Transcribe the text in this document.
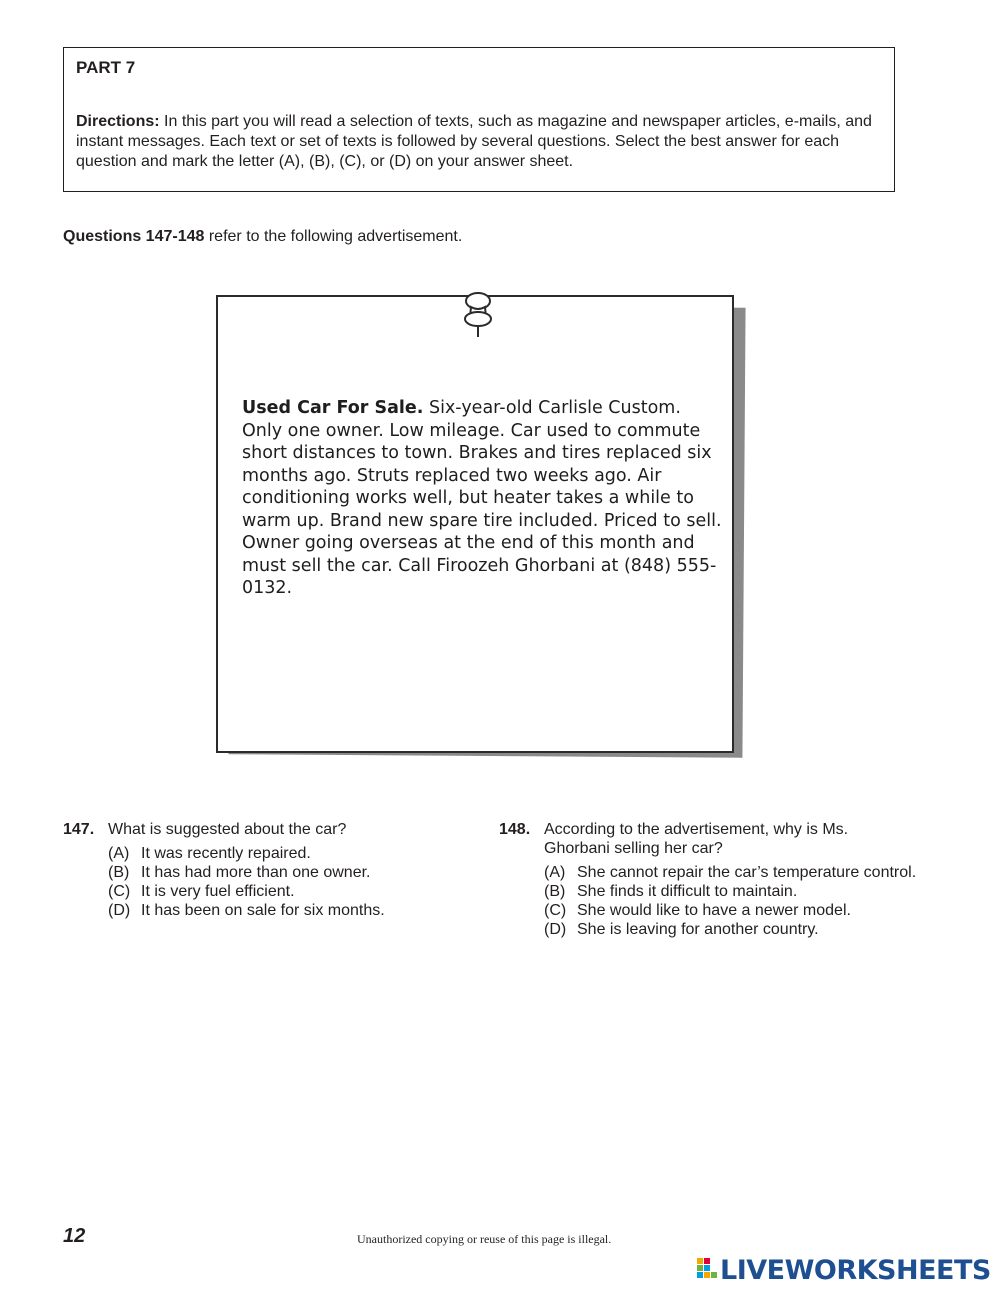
PART 7
Directions: In this part you will read a selection of texts, such as magazine and newspaper articles, e-mails, and instant messages. Each text or set of texts is followed by several questions. Select the best answer for each question and mark the letter (A), (B), (C), or (D) on your answer sheet.
Questions 147-148 refer to the following advertisement.
Used Car For Sale. Six-year-old Carlisle Custom. Only one owner. Low mileage. Car used to commute short distances to town. Brakes and tires replaced six months ago. Struts replaced two weeks ago. Air conditioning works well, but heater takes a while to warm up. Brand new spare tire included. Priced to sell. Owner going overseas at the end of this month and must sell the car. Call Firoozeh Ghorbani at (848) 555-0132.
147. What is suggested about the car?
(A) It was recently repaired.
(B) It has had more than one owner.
(C) It is very fuel efficient.
(D) It has been on sale for six months.
148. According to the advertisement, why is Ms. Ghorbani selling her car?
(A) She cannot repair the car’s temperature control.
(B) She finds it difficult to maintain.
(C) She would like to have a newer model.
(D) She is leaving for another country.
12	Unauthorized copying or reuse of this page is illegal.
LIVEWORKSHEETS
